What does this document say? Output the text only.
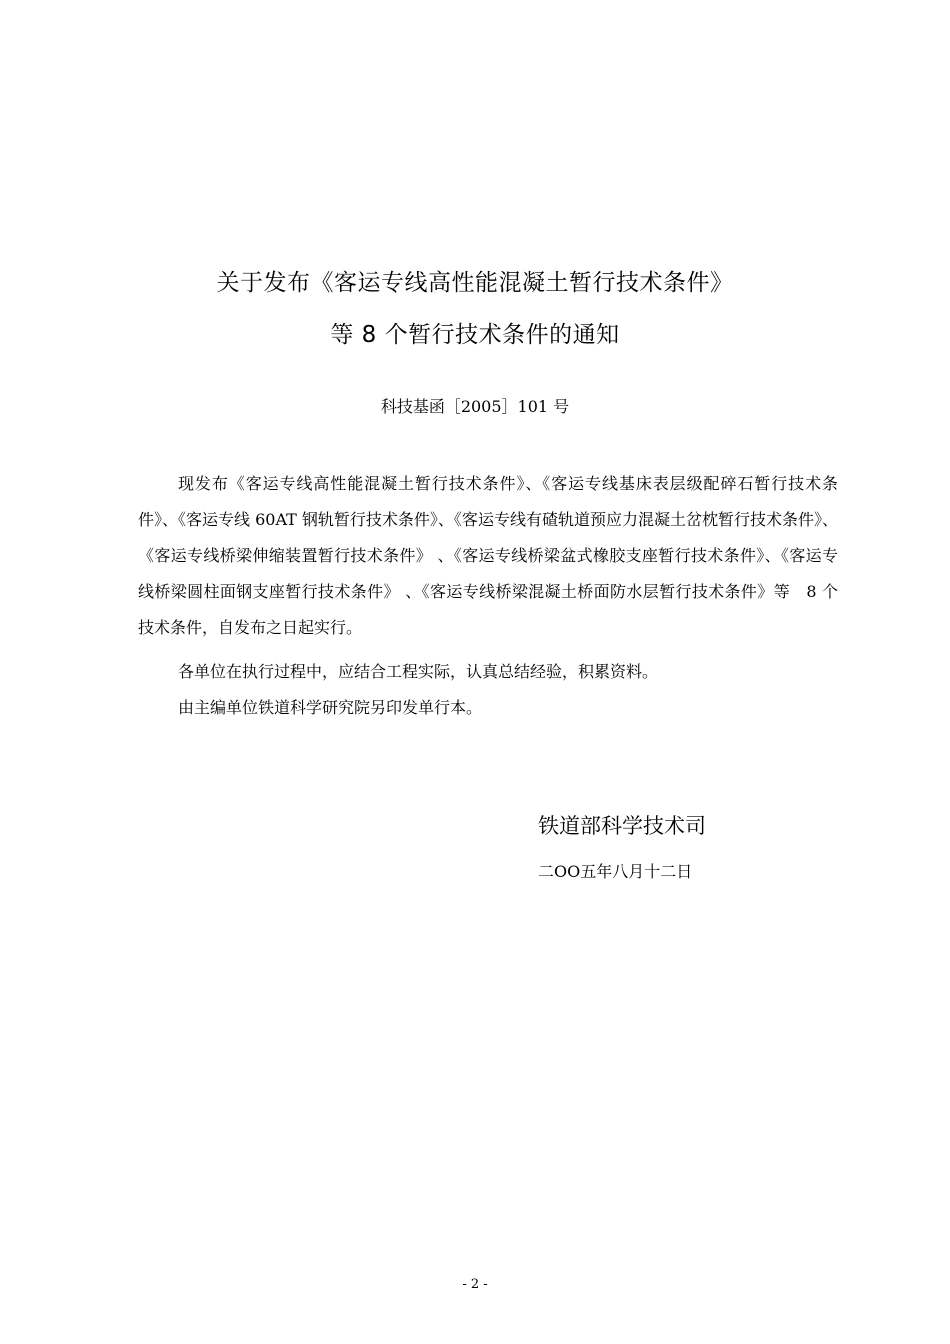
关于发布《客运专线高性能混凝土暂行技术条件》
等 8 个暂行技术条件的通知
科技基函［2005］101 号

现发布《客运专线高性能混凝土暂行技术条件》、《客运专线基床表层级配碎石暂行技术条件》、《客运专线 60AT 钢轨暂行技术条件》、《客运专线有碴轨道预应力混凝土岔枕暂行技术条件》、《客运专线桥梁伸缩装置暂行技术条件》 、《客运专线桥梁盆式橡胶支座暂行技术条件》、《客运专线桥梁圆柱面钢支座暂行技术条件》 、《客运专线桥梁混凝土桥面防水层暂行技术条件》等　8 个技术条件，自发布之日起实行。

各单位在执行过程中，应结合工程实际，认真总结经验，积累资料。

由主编单位铁道科学研究院另印发单行本。

铁道部科学技术司
二OO五年八月十二日
- 2 -
